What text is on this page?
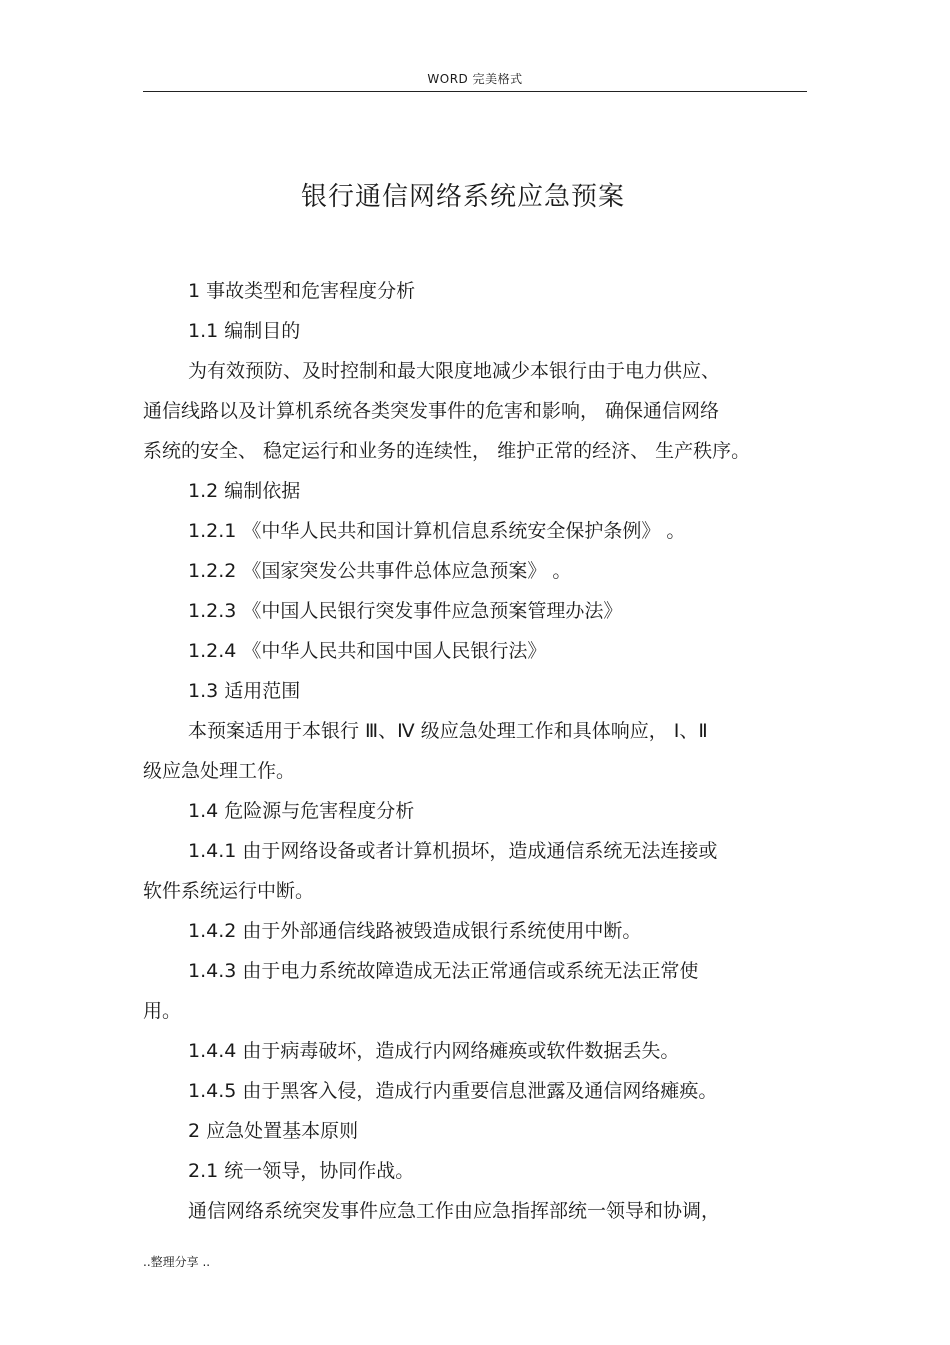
WORD 完美格式
银行通信网络系统应急预案
1 事故类型和危害程度分析
1.1 编制目的
为有效预防、及时控制和最大限度地减少本银行由于电力供应、
通信线路以及计算机系统各类突发事件的危害和影响， 确保通信网络
系统的安全、 稳定运行和业务的连续性， 维护正常的经济、 生产秩序。
1.2 编制依据
1.2.1 《中华人民共和国计算机信息系统安全保护条例》 。
1.2.2 《国家突发公共事件总体应急预案》 。
1.2.3 《中国人民银行突发事件应急预案管理办法》
1.2.4 《中华人民共和国中国人民银行法》
1.3 适用范围
本预案适用于本银行 Ⅲ、Ⅳ 级应急处理工作和具体响应， Ⅰ、Ⅱ
级应急处理工作。
1.4 危险源与危害程度分析
1.4.1 由于网络设备或者计算机损坏，造成通信系统无法连接或
软件系统运行中断。
1.4.2 由于外部通信线路被毁造成银行系统使用中断。
1.4.3 由于电力系统故障造成无法正常通信或系统无法正常使
用。
1.4.4 由于病毒破坏，造成行内网络瘫痪或软件数据丢失。
1.4.5 由于黑客入侵，造成行内重要信息泄露及通信网络瘫痪。
2 应急处置基本原则
2.1 统一领导，协同作战。
通信网络系统突发事件应急工作由应急指挥部统一领导和协调，
..整理分享 ..
